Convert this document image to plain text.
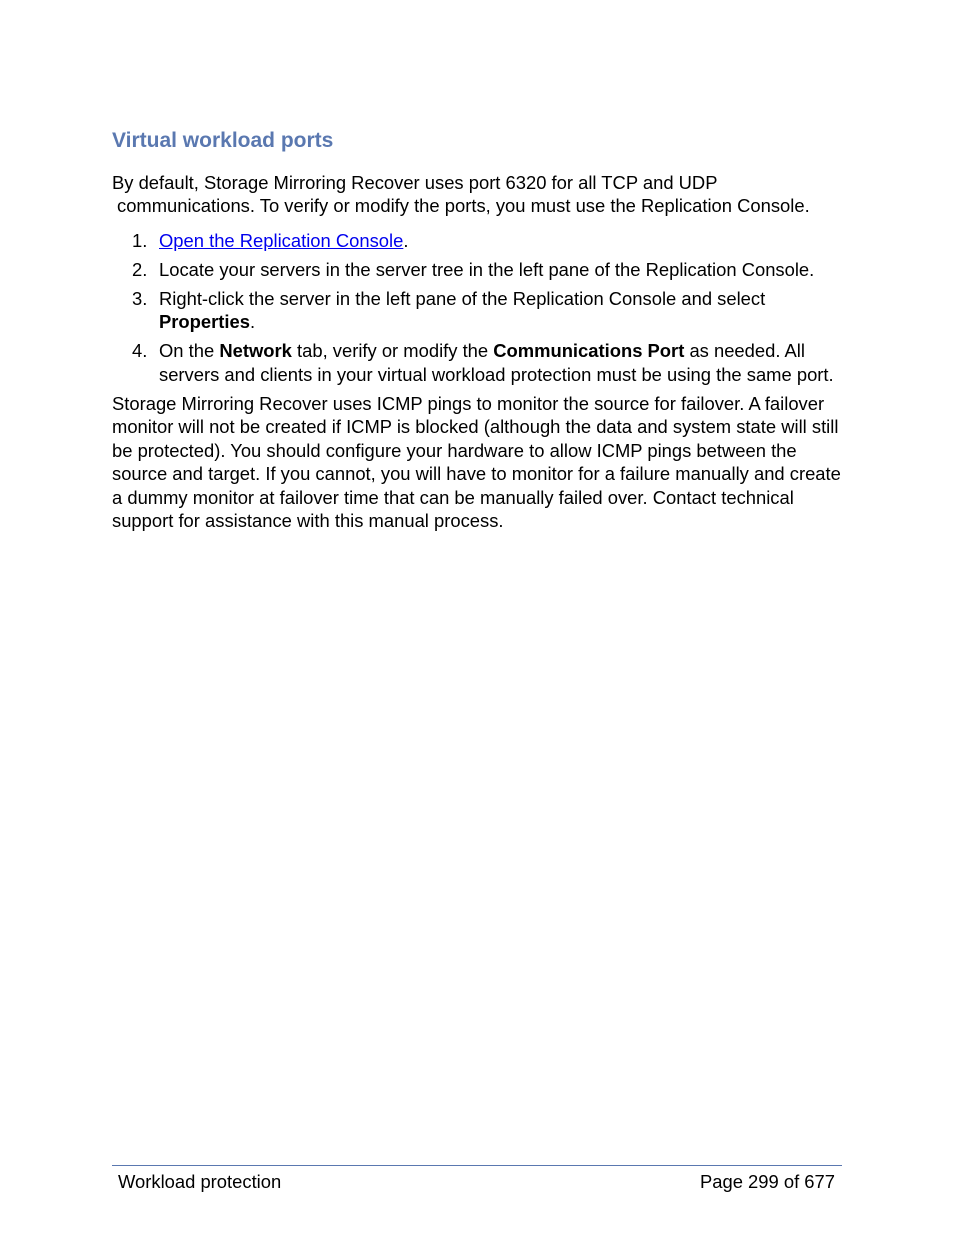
Virtual workload ports

By default, Storage Mirroring Recover uses port 6320 for all TCP and UDP
communications. To verify or modify the ports, you must use the Replication Console.

1. Open the Replication Console.
2. Locate your servers in the server tree in the left pane of the Replication Console.
3. Right-click the server in the left pane of the Replication Console and select Properties.
4. On the Network tab, verify or modify the Communications Port as needed. All servers and clients in your virtual workload protection must be using the same port.

Storage Mirroring Recover uses ICMP pings to monitor the source for failover. A failover monitor will not be created if ICMP is blocked (although the data and system state will still be protected). You should configure your hardware to allow ICMP pings between the source and target. If you cannot, you will have to monitor for a failure manually and create a dummy monitor at failover time that can be manually failed over. Contact technical support for assistance with this manual process.

Workload protection	Page 299 of 677
